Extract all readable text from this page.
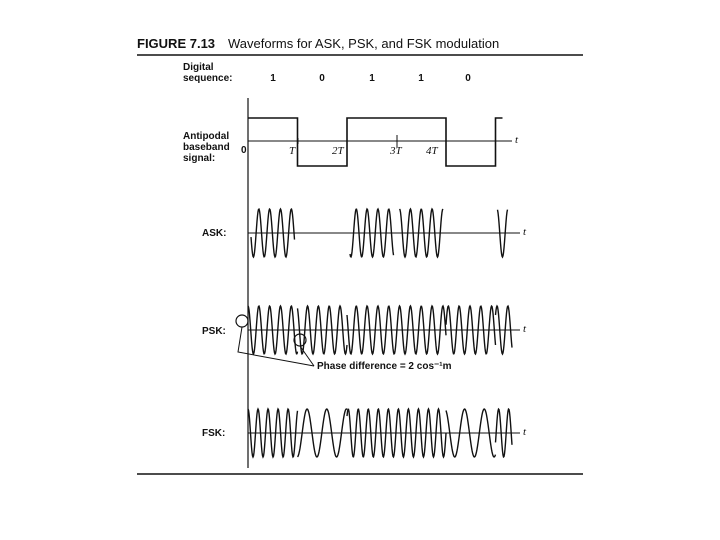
FIGURE 7.13 Waveforms for ASK, PSK, and FSK modulation
Digital
sequence:	1	0	1	1	0
Antipodal
baseband
signal:
0	T	2T	3T 4T
t
t
t
t
ASK:
PSK:
FSK:
Phase difference = 2 cos⁻¹m
